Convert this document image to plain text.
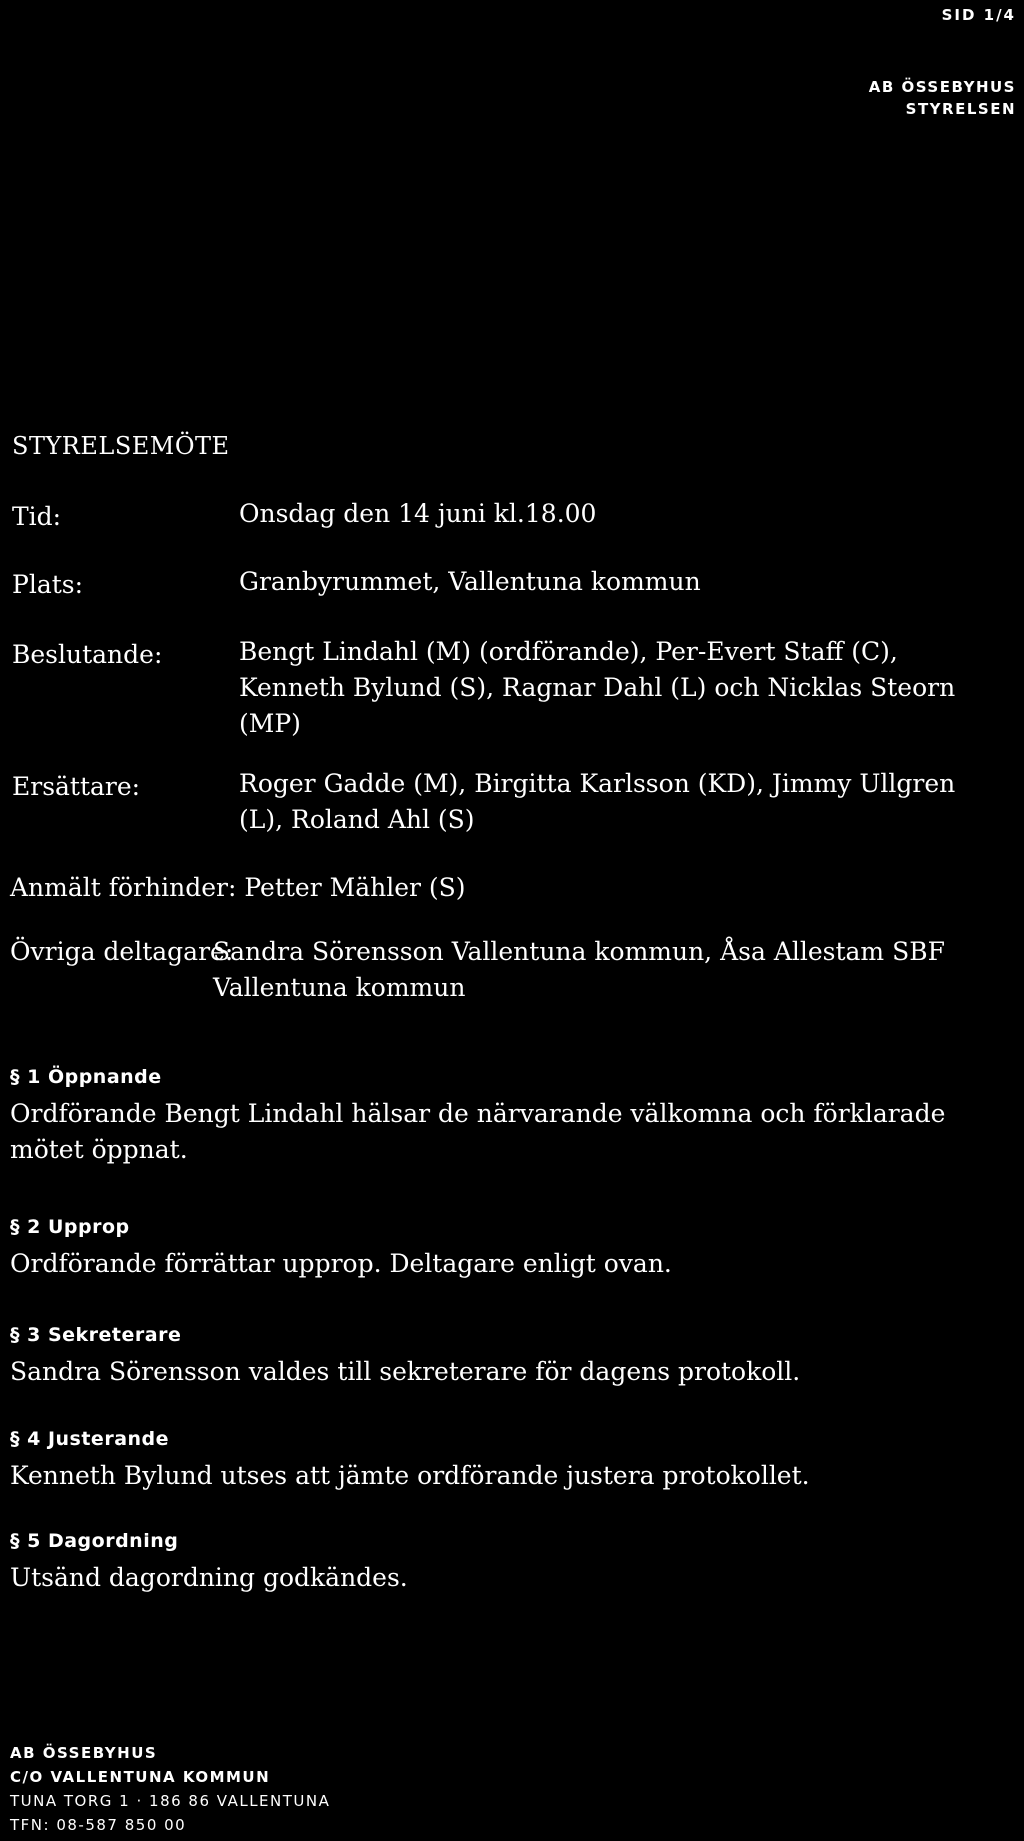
SID 1/4
AB ÖSSEBYHUS
STYRELSEN
STYRELSEMÖTE
Tid:	Onsdag den 14 juni kl.18.00
Plats:	Granbyrummet, Vallentuna kommun
Beslutande:	Bengt Lindahl (M) (ordförande), Per-Evert Staff (C), Kenneth Bylund (S), Ragnar Dahl (L) och Nicklas Steorn (MP)
Ersättare:	Roger Gadde (M), Birgitta Karlsson (KD), Jimmy Ullgren (L), Roland Ahl (S)
Anmält förhinder: Petter Mähler (S)
Övriga deltagare:
Sandra Sörensson Vallentuna kommun, Åsa Allestam SBF Vallentuna kommun
§ 1 Öppnande
Ordförande Bengt Lindahl hälsar de närvarande välkomna och förklarade mötet öppnat.
§ 2 Upprop
Ordförande förrättar upprop. Deltagare enligt ovan.
§ 3 Sekreterare
Sandra Sörensson valdes till sekreterare för dagens protokoll.
§ 4 Justerande
Kenneth Bylund utses att jämte ordförande justera protokollet.
§ 5 Dagordning
Utsänd dagordning godkändes.
AB ÖSSEBYHUS
C/O VALLENTUNA KOMMUN
TUNA TORG 1 · 186 86 VALLENTUNA
TFN: 08-587 850 00
